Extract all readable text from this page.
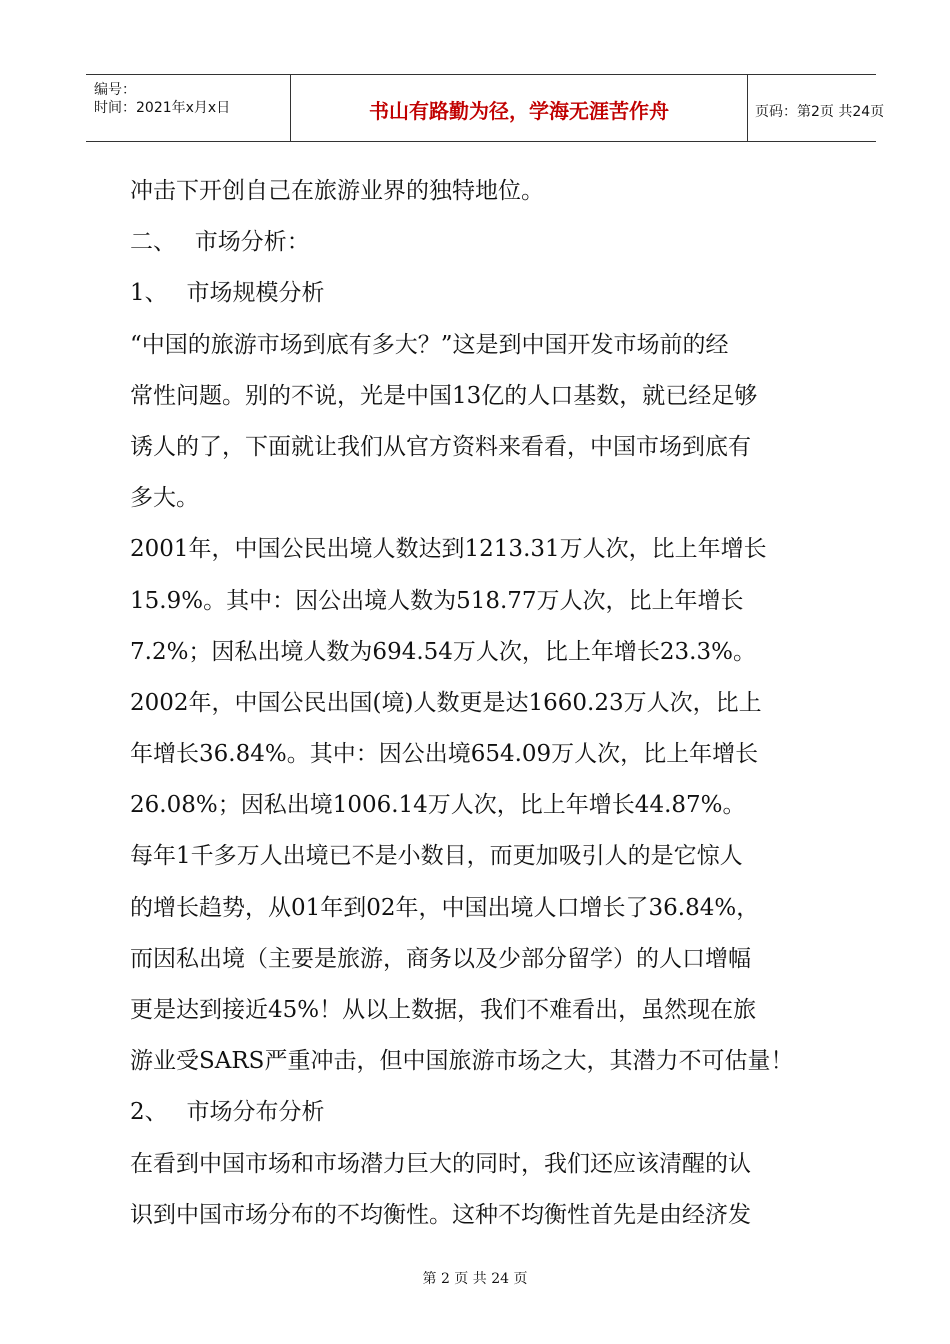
编号：
时间：2021年x月x日	书山有路勤为径，学海无涯苦作舟	页码：第2页 共24页
冲击下开创自己在旅游业界的独特地位。
二、　 市场分析：
1、　 市场规模分析
“中国的旅游市场到底有多大？”这是到中国开发市场前的经
常性问题。别的不说，光是中国13亿的人口基数，就已经足够
诱人的了，下面就让我们从官方资料来看看，中国市场到底有
多大。
2001年，中国公民出境人数达到1213.31万人次，比上年增长
15.9%。其中：因公出境人数为518.77万人次，比上年增长
7.2%；因私出境人数为694.54万人次，比上年增长23.3%。
2002年，中国公民出国(境)人数更是达1660.23万人次，比上
年增长36.84%。其中：因公出境654.09万人次，比上年增长
26.08%；因私出境1006.14万人次，比上年增长44.87%。
每年1千多万人出境已不是小数目，而更加吸引人的是它惊人
的增长趋势，从01年到02年，中国出境人口增长了36.84%，
而因私出境（主要是旅游，商务以及少部分留学）的人口增幅
更是达到接近45%！从以上数据，我们不难看出，虽然现在旅
游业受SARS严重冲击，但中国旅游市场之大，其潜力不可估量！
2、　 市场分布分析
在看到中国市场和市场潜力巨大的同时，我们还应该清醒的认
识到中国市场分布的不均衡性。这种不均衡性首先是由经济发
第 2 页 共 24 页
